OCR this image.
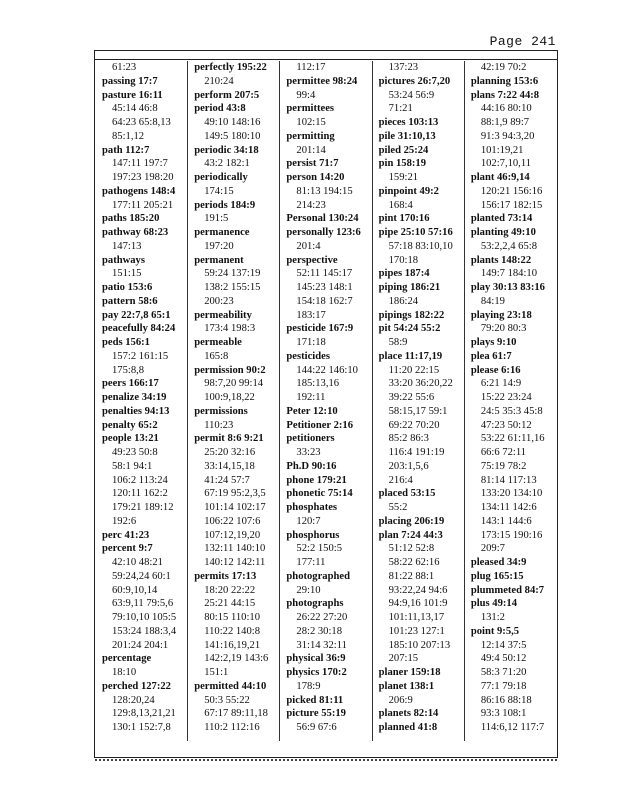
Page 241
61:23
passing 17:7
pasture 16:11
45:14 46:8
64:23 65:8,13
85:1,12
path 112:7
147:11 197:7
197:23 198:20
pathogens 148:4
177:11 205:21
paths 185:20
pathway 68:23
147:13
pathways
151:15
patio 153:6
pattern 58:6
pay 22:7,8 65:1
peacefully 84:24
peds 156:1
157:2 161:15
175:8,8
peers 166:17
penalize 34:19
penalties 94:13
penalty 65:2
people 13:21
49:23 50:8
58:1 94:1
106:2 113:24
120:11 162:2
179:21 189:12
192:6
perc 41:23
percent 9:7
42:10 48:21
59:24,24 60:1
60:9,10,14
63:9,11 79:5,6
79:10,10 105:5
153:24 188:3,4
201:24 204:1
percentage
18:10
perched 127:22
128:20,24
129:8,13,21,21
130:1 152:7,8
perfectly 195:22
210:24
perform 207:5
period 43:8
49:10 148:16
149:5 180:10
periodic 34:18
43:2 182:1
periodically
174:15
periods 184:9
191:5
permanence
197:20
permanent
59:24 137:19
138:2 155:15
200:23
permeability
173:4 198:3
permeable
165:8
permission 90:2
98:7,20 99:14
100:9,18,22
permissions
110:23
permit 8:6 9:21
25:20 32:16
33:14,15,18
41:24 57:7
67:19 95:2,3,5
101:14 102:17
106:22 107:6
107:12,19,20
132:11 140:10
140:12 142:11
permits 17:13
18:20 22:22
25:21 44:15
80:15 110:10
110:22 140:8
141:16,19,21
142:2,19 143:6
151:1
permitted 44:10
50:3 55:22
67:17 89:11,18
110:2 112:16
112:17
permittee 98:24
99:4
permittees
102:15
permitting
201:14
persist 71:7
person 14:20
81:13 194:15
214:23
Personal 130:24
personally 123:6
201:4
perspective
52:11 145:17
145:23 148:1
154:18 162:7
183:17
pesticide 167:9
171:18
pesticides
144:22 146:10
185:13,16
192:11
Peter 12:10
Petitioner 2:16
petitioners
33:23
Ph.D 90:16
phone 179:21
phonetic 75:14
phosphates
120:7
phosphorus
52:2 150:5
177:11
photographed
29:10
photographs
26:22 27:20
28:2 30:18
31:14 32:11
physical 36:9
physics 170:2
178:9
picked 81:11
picture 55:19
56:9 67:6
137:23
pictures 26:7,20
53:24 56:9
71:21
pieces 103:13
pile 31:10,13
piled 25:24
pin 158:19
159:21
pinpoint 49:2
168:4
pint 170:16
pipe 25:10 57:16
57:18 83:10,10
170:18
pipes 187:4
piping 186:21
186:24
pipings 182:22
pit 54:24 55:2
58:9
place 11:17,19
11:20 22:15
33:20 36:20,22
39:22 55:6
58:15,17 59:1
69:22 70:20
85:2 86:3
116:4 191:19
203:1,5,6
216:4
placed 53:15
55:2
placing 206:19
plan 7:24 44:3
51:12 52:8
58:22 62:16
81:22 88:1
93:22,24 94:6
94:9,16 101:9
101:11,13,17
101:23 127:1
185:10 207:13
207:15
planer 159:18
planet 138:1
206:9
planets 82:14
planned 41:8
42:19 70:2
planning 153:6
plans 7:22 44:8
44:16 80:10
88:1,9 89:7
91:3 94:3,20
101:19,21
102:7,10,11
plant 46:9,14
120:21 156:16
156:17 182:15
planted 73:14
planting 49:10
53:2,2,4 65:8
plants 148:22
149:7 184:10
play 30:13 83:16
84:19
playing 23:18
79:20 80:3
plays 9:10
plea 61:7
please 6:16
6:21 14:9
15:22 23:24
24:5 35:3 45:8
47:23 50:12
53:22 61:11,16
66:6 72:11
75:19 78:2
81:14 117:13
133:20 134:10
134:11 142:6
143:1 144:6
173:15 190:16
209:7
pleased 34:9
plug 165:15
plummeted 84:7
plus 49:14
131:2
point 9:5,5
12:14 37:5
49:4 50:12
58:3 71:20
77:1 79:18
86:16 88:18
93:3 108:1
114:6,12 117:7
